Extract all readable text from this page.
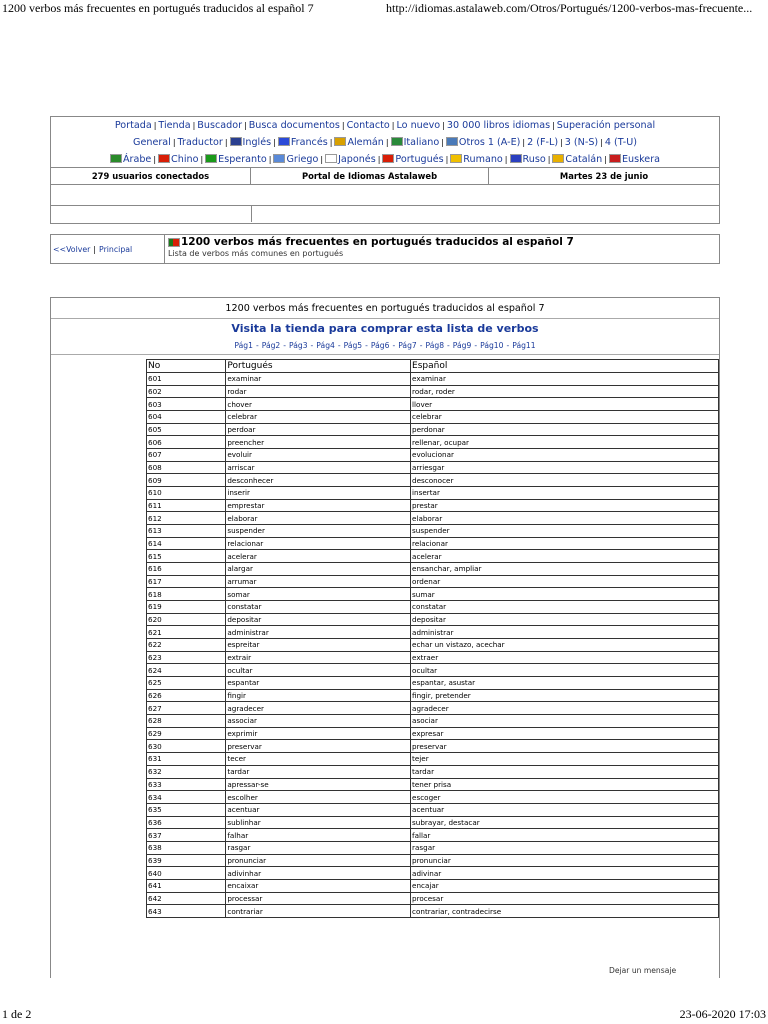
1200 verbos más frecuentes en portugués traducidos al español 7	http://idiomas.astalaweb.com/Otros/Portugués/1200-verbos-mas-frecuente...
Portada | Tienda | Buscador | Busca documentos | Contacto | Lo nuevo | 30 000 libros idiomas | Superación personal
General | Traductor | Inglés | Francés | Alemán | Italiano | Otros 1 (A-E) | 2 (F-L) | 3 (N-S) | 4 (T-U)
Árabe | Chino | Esperanto | Griego | Japonés | Portugués | Rumano | Ruso | Catalán | Euskera
279 usuarios conectados	Portal de Idiomas Astalaweb	Martes 23 de junio
<<Volver | Principal
1200 verbos más frecuentes en portugués traducidos al español 7
Lista de verbos más comunes en portugués
1200 verbos más frecuentes en portugués traducidos al español 7
Visita la tienda para comprar esta lista de verbos
Pág1 - Pág2 - Pág3 - Pág4 - Pág5 - Pág6 - Pág7 - Pág8 - Pág9 - Pág10 - Pág11
No	Portugués	Español
601	examinar	examinar
602	rodar	rodar, roder
603	chover	llover
604	celebrar	celebrar
605	perdoar	perdonar
606	preencher	rellenar, ocupar
607	evoluir	evolucionar
608	arriscar	arriesgar
609	desconhecer	desconocer
610	inserir	insertar
611	emprestar	prestar
612	elaborar	elaborar
613	suspender	suspender
614	relacionar	relacionar
615	acelerar	acelerar
616	alargar	ensanchar, ampliar
617	arrumar	ordenar
618	somar	sumar
619	constatar	constatar
620	depositar	depositar
621	administrar	administrar
622	espreitar	echar un vistazo, acechar
623	extrair	extraer
624	ocultar	ocultar
625	espantar	espantar, asustar
626	fingir	fingir, pretender
627	agradecer	agradecer
628	associar	asociar
629	exprimir	expresar
630	preservar	preservar
631	tecer	tejer
632	tardar	tardar
633	apressar-se	tener prisa
634	escolher	escoger
635	acentuar	acentuar
636	sublinhar	subrayar, destacar
637	falhar	fallar
638	rasgar	rasgar
639	pronunciar	pronunciar
640	adivinhar	adivinar
641	encaixar	encajar
642	processar	procesar
643	contrariar	contrariar, contradecirse
Dejar un mensaje
1 de 2	23-06-2020 17:03
